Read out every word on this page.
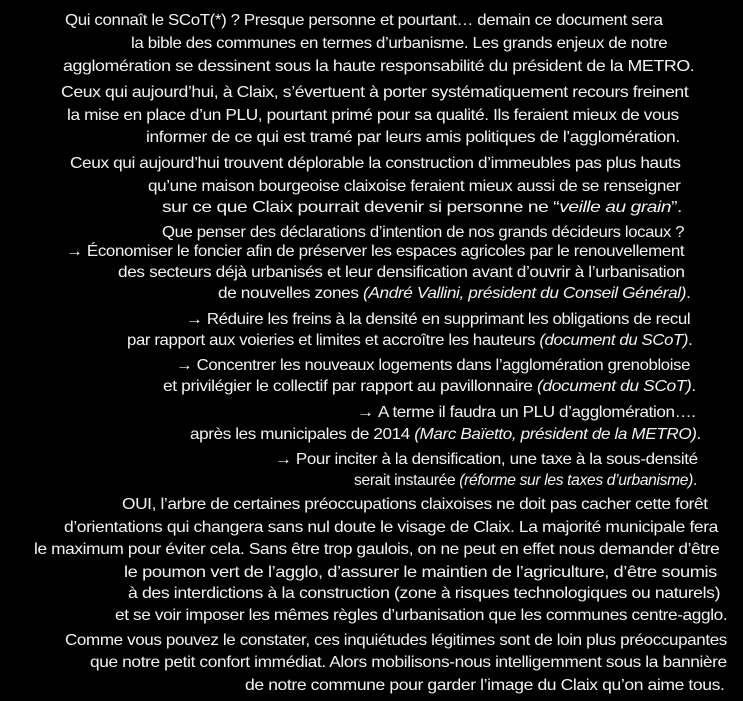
Qui connaît le SCoT(*) ? Presque personne et pourtant… demain ce document sera
la bible des communes en termes d’urbanisme. Les grands enjeux de notre
agglomération se dessinent sous la haute responsabilité du président de la METRO.
Ceux qui aujourd’hui, à Claix, s’évertuent à porter systématiquement recours freinent
la mise en place d’un PLU, pourtant primé pour sa qualité. Ils feraient mieux de vous
informer de ce qui est tramé par leurs amis politiques de l’agglomération.
Ceux qui aujourd’hui trouvent déplorable la construction d’immeubles pas plus hauts
qu’une maison bourgeoise claixoise feraient mieux aussi de se renseigner
sur ce que Claix pourrait devenir si personne ne “veille au grain”.
Que penser des déclarations d’intention de nos grands décideurs locaux ?
→ Économiser le foncier afin de préserver les espaces agricoles par le renouvellement
des secteurs déjà urbanisés et leur densification avant d’ouvrir à l’urbanisation
de nouvelles zones (André Vallini, président du Conseil Général).
→ Réduire les freins à la densité en supprimant les obligations de recul
par rapport aux voieries et limites et accroître les hauteurs (document du SCoT).
→ Concentrer les nouveaux logements dans l’agglomération grenobloise
et privilégier le collectif par rapport au pavillonnaire (document du SCoT).
→ A terme il faudra un PLU d’agglomération….
après les municipales de 2014 (Marc Baïetto, président de la METRO).
→ Pour inciter à la densification, une taxe à la sous-densité
serait instaurée (réforme sur les taxes d’urbanisme).
OUI, l’arbre de certaines préoccupations claixoises ne doit pas cacher cette forêt
d’orientations qui changera sans nul doute le visage de Claix. La majorité municipale fera
le maximum pour éviter cela. Sans être trop gaulois, on ne peut en effet nous demander d’être
le poumon vert de l’agglo, d’assurer le maintien de l’agriculture, d’être soumis
à des interdictions à la construction (zone à risques technologiques ou naturels)
et se voir imposer les mêmes règles d’urbanisation que les communes centre-agglo.
Comme vous pouvez le constater, ces inquiétudes légitimes sont de loin plus préoccupantes
que notre petit confort immédiat. Alors mobilisons-nous intelligemment sous la bannière
de notre commune pour garder l’image du Claix qu’on aime tous.
